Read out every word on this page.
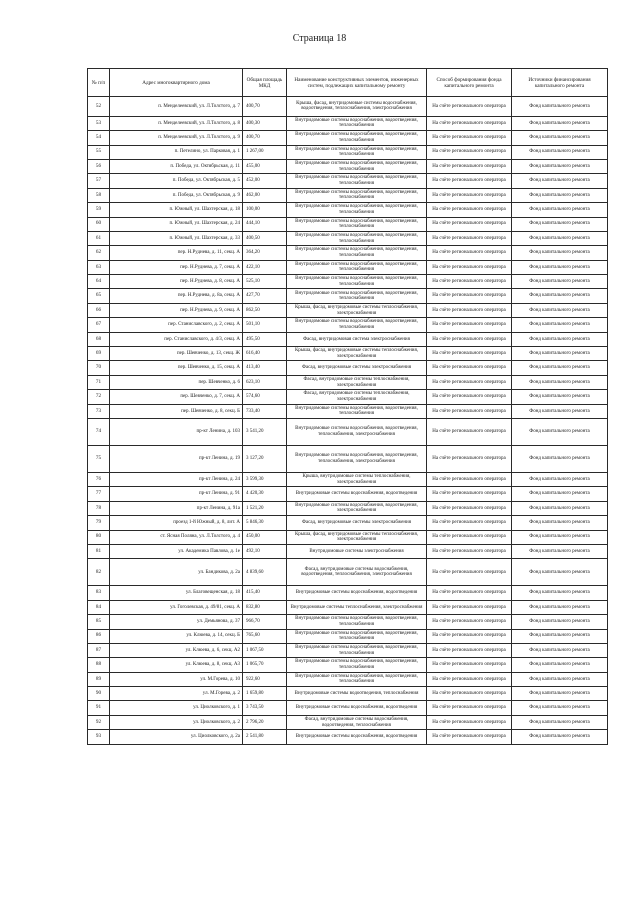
Страница 18
№ п/п	Адрес многоквартирного дома	Общая площадь МКД	Наименование конструктивных элементов, инженерных систем, подлежащих капитальному ремонту	Способ формирования фонда капитального ремонта	Источники финансирования капитального ремонта
52	п. Менделеевский, ул. Л.Толстого, д. 7	400,70	Крыша, фасад, внутридомовые системы водоснабжения, водоотведения, теплоснабжения, электроснабжения	На счёте регионального оператора	Фонд капитального ремонта
53	п. Менделеевский, ул. Л.Толстого, д. 8	400,30	Внутридомовые системы водоснабжения, водоотведения, теплоснабжения	На счёте регионального оператора	Фонд капитального ремонта
54	п. Менделеевский, ул. Л.Толстого, д. 9	400,70	Внутридомовые системы водоснабжения, водоотведения, теплоснабжения	На счёте регионального оператора	Фонд капитального ремонта
55	п. Петелино, ул. Парковая, д. 1	1 267,00	Внутридомовые системы водоснабжения, водоотведения, теплоснабжения	На счёте регионального оператора	Фонд капитального ремонта
56	п. Победа, ул. Октябрьская, д. 11	455,00	Внутридомовые системы водоснабжения, водоотведения, теплоснабжения	На счёте регионального оператора	Фонд капитального ремонта
57	п. Победа, ул. Октябрьская, д. 5	452,00	Внутридомовые системы водоснабжения, водоотведения, теплоснабжения	На счёте регионального оператора	Фонд капитального ремонта
58	п. Победа, ул. Октябрьская, д. 9	462,00	Внутридомовые системы водоснабжения, водоотведения, теплоснабжения	На счёте регионального оператора	Фонд капитального ремонта
59	п. Южный, ул. Шахтерская, д. 18	100,00	Внутридомовые системы водоснабжения, водоотведения, теплоснабжения	На счёте регионального оператора	Фонд капитального ремонта
60	п. Южный, ул. Шахтерская, д. 24	444,10	Внутридомовые системы водоснабжения, водоотведения, теплоснабжения	На счёте регионального оператора	Фонд капитального ремонта
61	п. Южный, ул. Шахтерская, д. 33	400,50	Внутридомовые системы водоснабжения, водоотведения, теплоснабжения	На счёте регионального оператора	Фонд капитального ремонта
62	пер. Н.Руднева, д. 11, секц. А	364,20	Внутридомовые системы водоснабжения, водоотведения, теплоснабжения	На счёте регионального оператора	Фонд капитального ремонта
63	пер. Н.Руднева, д. 7, секц. А	422,10	Внутридомовые системы водоснабжения, водоотведения, теплоснабжения	На счёте регионального оператора	Фонд капитального ремонта
64	пер. Н.Руднева, д. 8, секц. А	525,10	Внутридомовые системы водоснабжения, водоотведения, теплоснабжения	На счёте регионального оператора	Фонд капитального ремонта
65	пер. Н.Руднева, д. 8а, секц. А	427,70	Внутридомовые системы водоснабжения, водоотведения, теплоснабжения	На счёте регионального оператора	Фонд капитального ремонта
66	пер. Н.Руднева, д. 9, секц. А	862,50	Крыша, фасад, внутридомовые системы теплоснабжения, электроснабжения	На счёте регионального оператора	Фонд капитального ремонта
67	пер. Станиславского, д. 2, секц. А	501,10	Внутридомовые системы водоснабжения, водоотведения, теплоснабжения	На счёте регионального оператора	Фонд капитального ремонта
68	пер. Станиславского, д. 4/3, секц. А	495,50	Фасад, внутридомовая система электроснабжения	На счёте регионального оператора	Фонд капитального ремонта
69	пер. Шевченко, д. 13, секц. Ж	616,40	Крыша, фасад, внутридомовые системы теплоснабжения, электроснабжения	На счёте регионального оператора	Фонд капитального ремонта
70	пер. Шевченко, д. 15, секц. А	413,40	Фасад, внутридомовые системы электроснабжения	На счёте регионального оператора	Фонд капитального ремонта
71	пер. Шевченко, д. 6	623,10	Фасад, внутридомовые системы теплоснабжения, электроснабжения	На счёте регионального оператора	Фонд капитального ремонта
72	пер. Шевченко, д. 7, секц. А	574,60	Фасад, внутридомовые системы теплоснабжения, электроснабжения	На счёте регионального оператора	Фонд капитального ремонта
73	пер. Шевченко, д. 8, секц. Б	733,40	Внутридомовые системы водоснабжения, водоотведения, теплоснабжения	На счёте регионального оператора	Фонд капитального ремонта
74	пр-кт Ленина, д. 103	3 541,20	Внутридомовые системы водоснабжения, водоотведения, теплоснабжения, электроснабжения	На счёте регионального оператора	Фонд капитального ремонта
75	пр-кт Ленина, д. 19	3 127,20	Внутридомовые системы водоснабжения, водоотведения, теплоснабжения, электроснабжения	На счёте регионального оператора	Фонд капитального ремонта
76	пр-кт Ленина, д. 24	3 599,30	Крыша, внутридомовые системы теплоснабжения, электроснабжения	На счёте регионального оператора	Фонд капитального ремонта
77	пр-кт Ленина, д. 91	4 420,30	Внутридомовые системы водоснабжения, водоотведения	На счёте регионального оператора	Фонд капитального ремонта
78	пр-кт Ленина, д. 91а	1 521,20	Внутридомовые системы водоснабжения, водоотведения, электроснабжения	На счёте регионального оператора	Фонд капитального ремонта
79	проезд 1-й Южный, д. 8, лит. А	5 846,30	Фасад, внутридомовые системы электроснабжения	На счёте регионального оператора	Фонд капитального ремонта
80	ст. Ясная Поляна, ул. Л.Толстого, д. 4	450,00	Крыша, фасад, внутридомовые системы теплоснабжения, электроснабжения	На счёте регионального оператора	Фонд капитального ремонта
81	ул. Академика Павлова, д. 1е	492,10	Внутридомовые системы электроснабжения	На счёте регионального оператора	Фонд капитального ремонта
82	ул. Бандикова, д. 2а	4 839,60	Фасад, внутридомовые системы водоснабжения, водоотведения, теплоснабжения, электроснабжения	На счёте регионального оператора	Фонд капитального ремонта
83	ул. Благовещенская, д. 18	415,40	Внутридомовые системы водоснабжения, водоотведения	На счёте регионального оператора	Фонд капитального ремонта
84	ул. Гоголевская, д. 49/81, секц. А	832,80	Внутридомовые системы теплоснабжения, электроснабжения	На счёте регионального оператора	Фонд капитального ремонта
85	ул. Демьянова, д. 37	966,70	Внутридомовые системы водоснабжения, водоотведения, теплоснабжения	На счёте регионального оператора	Фонд капитального ремонта
86	ул. Клюева, д. 14, секц. Б	765,60	Внутридомовые системы водоснабжения, водоотведения, теплоснабжения	На счёте регионального оператора	Фонд капитального ремонта
87	ул. Клюева, д. 6, секц. А2	1 067,50	Внутридомовые системы водоснабжения, водоотведения, теплоснабжения	На счёте регионального оператора	Фонд капитального ремонта
88	ул. Клюева, д. 8, секц. А3	1 065,70	Внутридомовые системы водоснабжения, водоотведения, теплоснабжения	На счёте регионального оператора	Фонд капитального ремонта
89	ул. М.Горева, д. 10	922,60	Внутридомовые системы водоснабжения, водоотведения, теплоснабжения	На счёте регионального оператора	Фонд капитального ремонта
90	ул. М.Горева, д. 2	1 659,80	Внутридомовые системы водоотведения, теплоснабжения	На счёте регионального оператора	Фонд капитального ремонта
91	ул. Циолковского, д. 1	3 743,50	Внутридомовые системы водоснабжения, водоотведения	На счёте регионального оператора	Фонд капитального ремонта
92	ул. Циолковского, д. 2	2 796,20	Фасад, внутридомовые системы водоснабжения, водоотведения, теплоснабжения	На счёте регионального оператора	Фонд капитального ремонта
93	ул. Циолковского, д. 2а	2 541,80	Внутридомовые системы водоснабжения, водоотведения	На счёте регионального оператора	Фонд капитального ремонта
